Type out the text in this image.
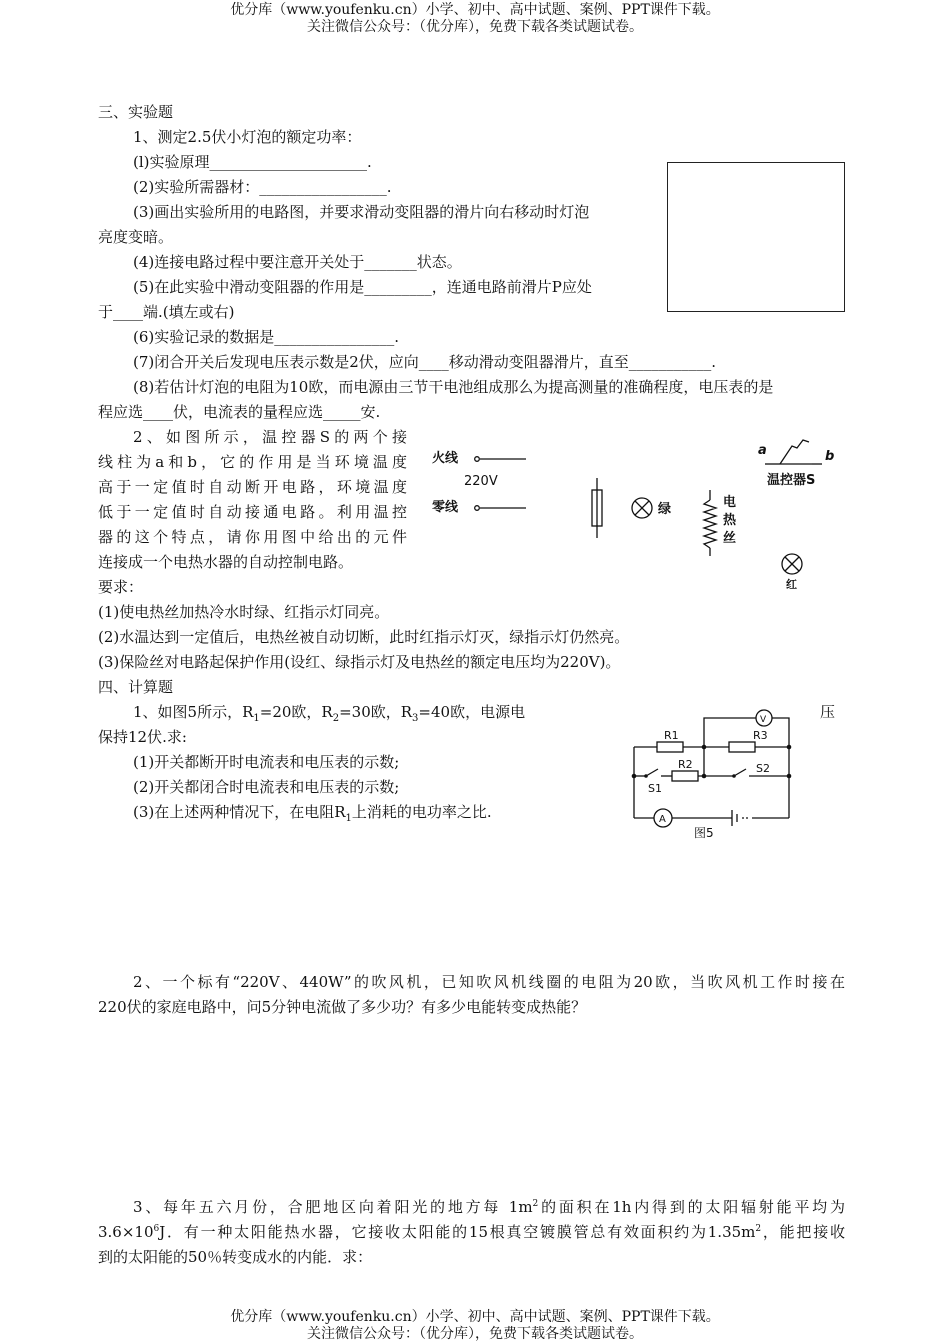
优分库（www.youfenku.cn）小学、初中、高中试题、案例、PPT课件下载。
关注微信公众号：（优分库），免费下载各类试题试卷。
三、实验题
1、测定2.5伏小灯泡的额定功率：
(l)实验原理_____________________.
(2)实验所需器材：_________________.
(3)画出实验所用的电路图，并要求滑动变阻器的滑片向右移动时灯泡
亮度变暗。
(4)连接电路过程中要注意开关处于_______状态。
(5)在此实验中滑动变阻器的作用是_________，连通电路前滑片P应处
于____端.(填左或右)
(6)实验记录的数据是________________.
(7)闭合开关后发现电压表示数是2伏，应向____移动滑动变阻器滑片，直至___________.
(8)若估计灯泡的电阻为10欧，而电源由三节干电池组成那么为提高测量的准确程度，电压表的是
程应选____伏，电流表的量程应选_____安.
2、如图所示，温控器S的两个接
线柱为a和b，它的作用是当环境温度
高于一定值时自动断开电路，环境温度
低于一定值时自动接通电路。利用温控
器的这个特点，请你用图中给出的元件
连接成一个电热水器的自动控制电路。
要求：
(1)使电热丝加热冷水时绿、红指示灯同亮。
(2)水温达到一定值后，电热丝被自动切断，此时红指示灯灭，绿指示灯仍然亮。
(3)保险丝对电路起保护作用(设红、绿指示灯及电热丝的额定电压均为220V)。
火线
220V
零线	绿	电
热
丝
a	b
温控器S
红
四、计算题
1、如图5所示，$R_1=20$欧，$R_2=30$欧，$R_3=40$欧，电源电	压
保持12伏.求:
(1)开关都断开时电流表和电压表的示数;
(2)开关都闭合时电流表和电压表的示数;
(3)在上述两种情况下，在电阻$R_1$上消耗的电功率之比.
R1	R3
R2
S1
S2
V
A
图5
2、一个标有“220V、440W”的吹风机，已知吹风机线圈的电阻为20欧，当吹风机工作时接在
220伏的家庭电路中，问5分钟电流做了多少功？有多少电能转变成热能？
3、每年五六月份，合肥地区向着阳光的地方每 $1m^2$的面积在1h内得到的太阳辐射能平均为
$3.6\times 10^6J$．有一种太阳能热水器，它接收太阳能的15根真空镀膜管总有效面积约为$1.35m^2$，能把接收
到的太阳能的50％转变成水的内能．求：
优分库（www.youfenku.cn）小学、初中、高中试题、案例、PPT课件下载。
关注微信公众号：（优分库），免费下载各类试题试卷。
